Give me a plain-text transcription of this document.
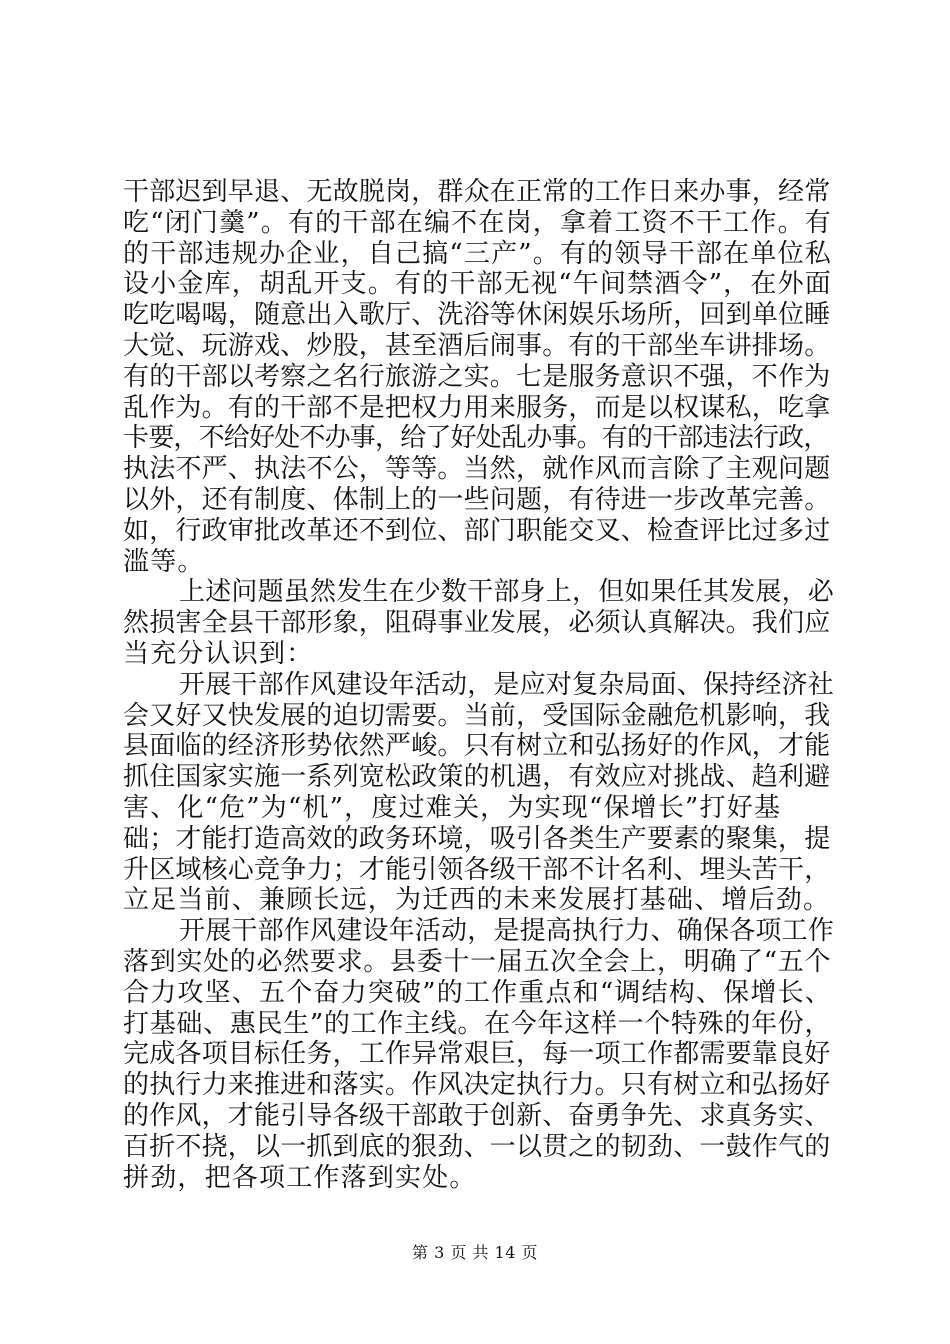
干部迟到早退、无故脱岗，群众在正常的工作日来办事，经常
吃“闭门羹”。有的干部在编不在岗，拿着工资不干工作。有
的干部违规办企业，自己搞“三产”。有的领导干部在单位私
设小金库，胡乱开支。有的干部无视“午间禁酒令”，在外面
吃吃喝喝，随意出入歌厅、洗浴等休闲娱乐场所，回到单位睡
大觉、玩游戏、炒股，甚至酒后闹事。有的干部坐车讲排场。
有的干部以考察之名行旅游之实。七是服务意识不强，不作为
乱作为。有的干部不是把权力用来服务，而是以权谋私，吃拿
卡要，不给好处不办事，给了好处乱办事。有的干部违法行政，
执法不严、执法不公，等等。当然，就作风而言除了主观问题
以外，还有制度、体制上的一些问题，有待进一步改革完善。
如，行政审批改革还不到位、部门职能交叉、检查评比过多过
滥等。
上述问题虽然发生在少数干部身上，但如果任其发展，必
然损害全县干部形象，阻碍事业发展，必须认真解决。我们应
当充分认识到：
开展干部作风建设年活动，是应对复杂局面、保持经济社
会又好又快发展的迫切需要。当前，受国际金融危机影响，我
县面临的经济形势依然严峻。只有树立和弘扬好的作风，才能
抓住国家实施一系列宽松政策的机遇，有效应对挑战、趋利避
害、化“危”为“机”，度过难关，为实现“保增长”打好基
础；才能打造高效的政务环境，吸引各类生产要素的聚集，提
升区域核心竞争力；才能引领各级干部不计名利、埋头苦干，
立足当前、兼顾长远，为迁西的未来发展打基础、增后劲。
开展干部作风建设年活动，是提高执行力、确保各项工作
落到实处的必然要求。县委十一届五次全会上，明确了“五个
合力攻坚、五个奋力突破”的工作重点和“调结构、保增长、
打基础、惠民生”的工作主线。在今年这样一个特殊的年份，
完成各项目标任务，工作异常艰巨，每一项工作都需要靠良好
的执行力来推进和落实。作风决定执行力。只有树立和弘扬好
的作风，才能引导各级干部敢于创新、奋勇争先、求真务实、
百折不挠，以一抓到底的狠劲、一以贯之的韧劲、一鼓作气的
拼劲，把各项工作落到实处。
第 3 页 共 14 页
